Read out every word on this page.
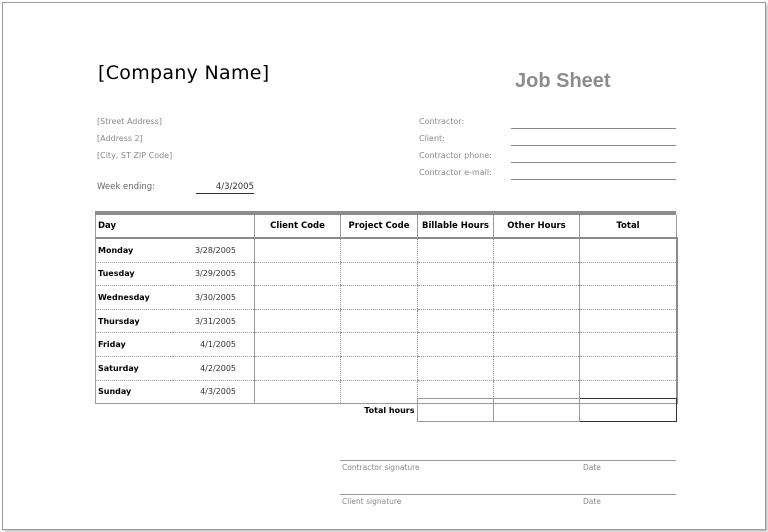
[Company Name]	Job Sheet
[Street Address]
[Address 2]
[City, ST ZIP Code]
Contractor:
Client:
Contractor phone:
Contractor e-mail:
Week ending:	4/3/2005
Day		Client Code	Project Code	Billable Hours	Other Hours	Total
Monday	3/28/2005					
Tuesday	3/29/2005					
Wednesday	3/30/2005					
Thursday	3/31/2005					
Friday	4/1/2005					
Saturday	4/2/2005					
Sunday	4/3/2005					
Total hours			
Contractor signature	Date
Client signature	Date
